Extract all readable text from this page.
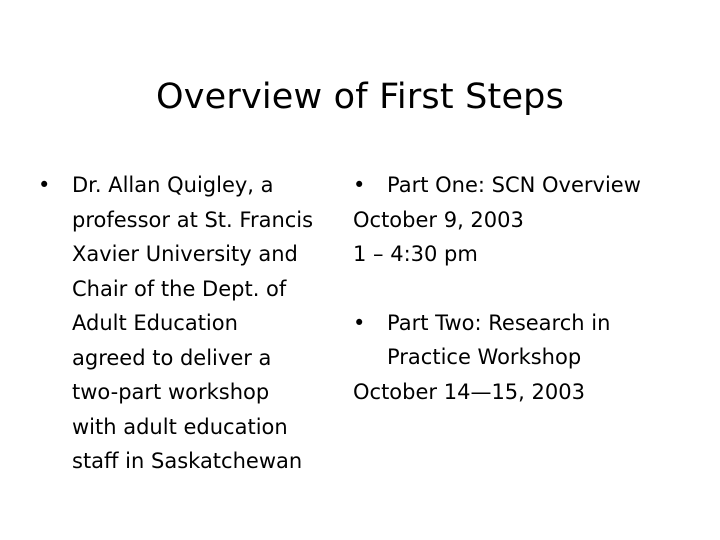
Overview of First Steps
•	Dr. Allan Quigley, a
professor at St. Francis
Xavier University and
Chair of the Dept. of
Adult Education
agreed to deliver a
two-part workshop
with adult education
staff in Saskatchewan
•	Part One: SCN Overview
October 9, 2003
1 – 4:30 pm
•	Part Two: Research in
Practice Workshop
October 14—15, 2003
